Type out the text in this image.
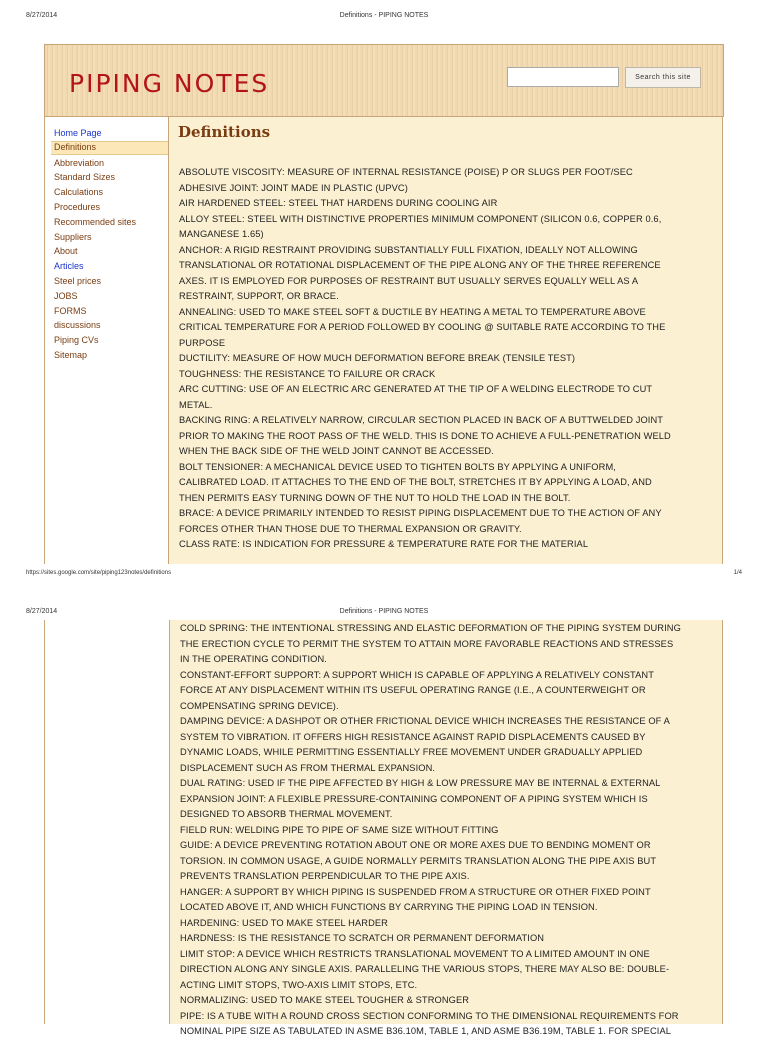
8/27/2014	Definitions - PIPING NOTES
PIPING NOTES	Search this site
Home Page
Definitions
Abbreviation
Standard Sizes
Calculations
Procedures
Recommended sites
Suppliers
About
Articles
Steel prices
JOBS
FORMS
discussions
Piping CVs
Sitemap
Definitions
ABSOLUTE VISCOSITY: MEASURE OF INTERNAL RESISTANCE (POISE) P OR SLUGS PER FOOT/SEC
ADHESIVE JOINT: JOINT MADE IN PLASTIC (UPVC)
AIR HARDENED STEEL: STEEL THAT HARDENS DURING COOLING AIR
ALLOY STEEL: STEEL WITH DISTINCTIVE PROPERTIES MINIMUM COMPONENT (SILICON 0.6, COPPER 0.6,
MANGANESE 1.65)
ANCHOR: A RIGID RESTRAINT PROVIDING SUBSTANTIALLY FULL FIXATION, IDEALLY NOT ALLOWING
TRANSLATIONAL OR ROTATIONAL DISPLACEMENT OF THE PIPE ALONG ANY OF THE THREE REFERENCE
AXES. IT IS EMPLOYED FOR PURPOSES OF RESTRAINT BUT USUALLY SERVES EQUALLY WELL AS A
RESTRAINT, SUPPORT, OR BRACE.
ANNEALING: USED TO MAKE STEEL SOFT & DUCTILE BY HEATING A METAL TO TEMPERATURE ABOVE
CRITICAL TEMPERATURE FOR A PERIOD FOLLOWED BY COOLING @ SUITABLE RATE ACCORDING TO THE
PURPOSE
DUCTILITY: MEASURE OF HOW MUCH DEFORMATION BEFORE BREAK (TENSILE TEST)
TOUGHNESS: THE RESISTANCE TO FAILURE OR CRACK
ARC CUTTING: USE OF AN ELECTRIC ARC GENERATED AT THE TIP OF A WELDING ELECTRODE TO CUT
METAL.
BACKING RING: A RELATIVELY NARROW, CIRCULAR SECTION PLACED IN BACK OF A BUTTWELDED JOINT
PRIOR TO MAKING THE ROOT PASS OF THE WELD. THIS IS DONE TO ACHIEVE A FULL-PENETRATION WELD
WHEN THE BACK SIDE OF THE WELD JOINT CANNOT BE ACCESSED.
BOLT TENSIONER: A MECHANICAL DEVICE USED TO TIGHTEN BOLTS BY APPLYING A UNIFORM,
CALIBRATED LOAD. IT ATTACHES TO THE END OF THE BOLT, STRETCHES IT BY APPLYING A LOAD, AND
THEN PERMITS EASY TURNING DOWN OF THE NUT TO HOLD THE LOAD IN THE BOLT.
BRACE: A DEVICE PRIMARILY INTENDED TO RESIST PIPING DISPLACEMENT DUE TO THE ACTION OF ANY
FORCES OTHER THAN THOSE DUE TO THERMAL EXPANSION OR GRAVITY.
CLASS RATE: IS INDICATION FOR PRESSURE & TEMPERATURE RATE FOR THE MATERIAL
https://sites.google.com/site/piping123notes/definitions	1/4
8/27/2014	Definitions - PIPING NOTES
COLD SPRING: THE INTENTIONAL STRESSING AND ELASTIC DEFORMATION OF THE PIPING SYSTEM DURING
THE ERECTION CYCLE TO PERMIT THE SYSTEM TO ATTAIN MORE FAVORABLE REACTIONS AND STRESSES
IN THE OPERATING CONDITION.
CONSTANT-EFFORT SUPPORT: A SUPPORT WHICH IS CAPABLE OF APPLYING A RELATIVELY CONSTANT
FORCE AT ANY DISPLACEMENT WITHIN ITS USEFUL OPERATING RANGE (I.E., A COUNTERWEIGHT OR
COMPENSATING SPRING DEVICE).
DAMPING DEVICE: A DASHPOT OR OTHER FRICTIONAL DEVICE WHICH INCREASES THE RESISTANCE OF A
SYSTEM TO VIBRATION. IT OFFERS HIGH RESISTANCE AGAINST RAPID DISPLACEMENTS CAUSED BY
DYNAMIC LOADS, WHILE PERMITTING ESSENTIALLY FREE MOVEMENT UNDER GRADUALLY APPLIED
DISPLACEMENT SUCH AS FROM THERMAL EXPANSION.
DUAL RATING: USED IF THE PIPE AFFECTED BY HIGH & LOW PRESSURE MAY BE INTERNAL & EXTERNAL
EXPANSION JOINT: A FLEXIBLE PRESSURE-CONTAINING COMPONENT OF A PIPING SYSTEM WHICH IS
DESIGNED TO ABSORB THERMAL MOVEMENT.
FIELD RUN: WELDING PIPE TO PIPE OF SAME SIZE WITHOUT FITTING
GUIDE: A DEVICE PREVENTING ROTATION ABOUT ONE OR MORE AXES DUE TO BENDING MOMENT OR
TORSION. IN COMMON USAGE, A GUIDE NORMALLY PERMITS TRANSLATION ALONG THE PIPE AXIS BUT
PREVENTS TRANSLATION PERPENDICULAR TO THE PIPE AXIS.
HANGER: A SUPPORT BY WHICH PIPING IS SUSPENDED FROM A STRUCTURE OR OTHER FIXED POINT
LOCATED ABOVE IT, AND WHICH FUNCTIONS BY CARRYING THE PIPING LOAD IN TENSION.
HARDENING: USED TO MAKE STEEL HARDER
HARDNESS: IS THE RESISTANCE TO SCRATCH OR PERMANENT DEFORMATION
LIMIT STOP: A DEVICE WHICH RESTRICTS TRANSLATIONAL MOVEMENT TO A LIMITED AMOUNT IN ONE
DIRECTION ALONG ANY SINGLE AXIS. PARALLELING THE VARIOUS STOPS, THERE MAY ALSO BE: DOUBLE-
ACTING LIMIT STOPS, TWO-AXIS LIMIT STOPS, ETC.
NORMALIZING: USED TO MAKE STEEL TOUGHER & STRONGER
PIPE: IS A TUBE WITH A ROUND CROSS SECTION CONFORMING TO THE DIMENSIONAL REQUIREMENTS FOR
NOMINAL PIPE SIZE AS TABULATED IN ASME B36.10M, TABLE 1, AND ASME B36.19M, TABLE 1. FOR SPECIAL
